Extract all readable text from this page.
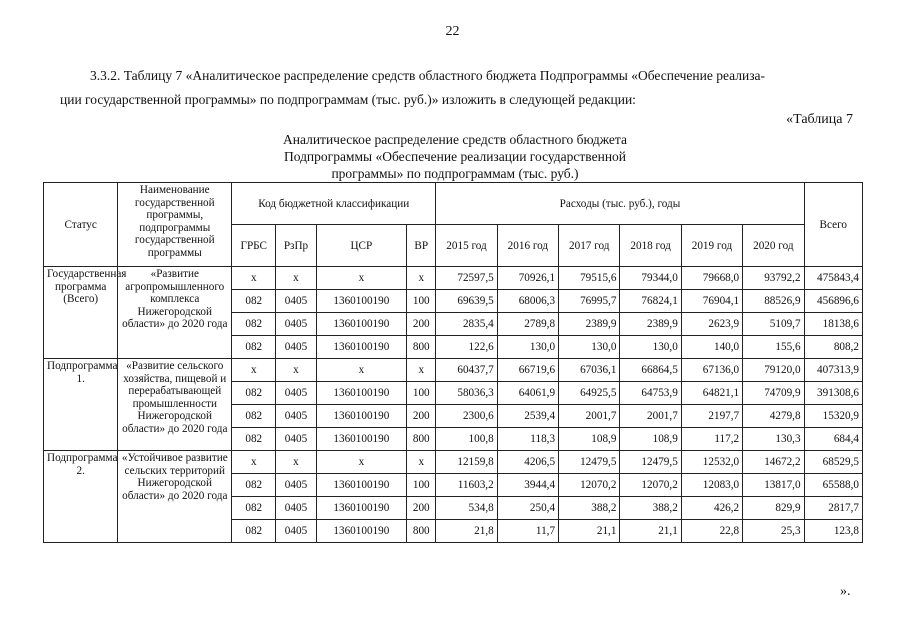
22
3.3.2. Таблицу 7 «Аналитическое распределение средств областного бюджета Подпрограммы «Обеспечение реализа-
ции государственной программы» по подпрограммам (тыс. руб.)» изложить в следующей редакции:
«Таблица 7
Аналитическое распределение средств областного бюджета
Подпрограммы «Обеспечение реализации государственной
программы» по подпрограммам (тыс. руб.)
Статус	Наименование государственной программы, подпрограммы государственной программы	Код бюджетной классификации				Расходы (тыс. руб.), годы						Всего
		ГРБС	РзПр	ЦСР	ВР	2015 год	2016 год	2017 год	2018 год	2019 год	2020 год	
Государственная программа (Всего)	«Развитие агропромышленного комплекса Нижегородской области» до 2020 года	x	x	x	x	72597,5	70926,1	79515,6	79344,0	79668,0	93792,2	475843,4
		082	0405	1360100190	100	69639,5	68006,3	76995,7	76824,1	76904,1	88526,9	456896,6
		082	0405	1360100190	200	2835,4	2789,8	2389,9	2389,9	2623,9	5109,7	18138,6
		082	0405	1360100190	800	122,6	130,0	130,0	130,0	140,0	155,6	808,2
Подпрограмма 1.	«Развитие сельского хозяйства, пищевой и перерабатывающей промышленности Нижегородской области» до 2020 года	x	x	x	x	60437,7	66719,6	67036,1	66864,5	67136,0	79120,0	407313,9
		082	0405	1360100190	100	58036,3	64061,9	64925,5	64753,9	64821,1	74709,9	391308,6
		082	0405	1360100190	200	2300,6	2539,4	2001,7	2001,7	2197,7	4279,8	15320,9
		082	0405	1360100190	800	100,8	118,3	108,9	108,9	117,2	130,3	684,4
Подпрограмма 2.	«Устойчивое развитие сельских территорий Нижегородской области» до 2020 года	x	x	x	x	12159,8	4206,5	12479,5	12479,5	12532,0	14672,2	68529,5
		082	0405	1360100190	100	11603,2	3944,4	12070,2	12070,2	12083,0	13817,0	65588,0
		082	0405	1360100190	200	534,8	250,4	388,2	388,2	426,2	829,9	2817,7
		082	0405	1360100190	800	21,8	11,7	21,1	21,1	22,8	25,3	123,8
».
